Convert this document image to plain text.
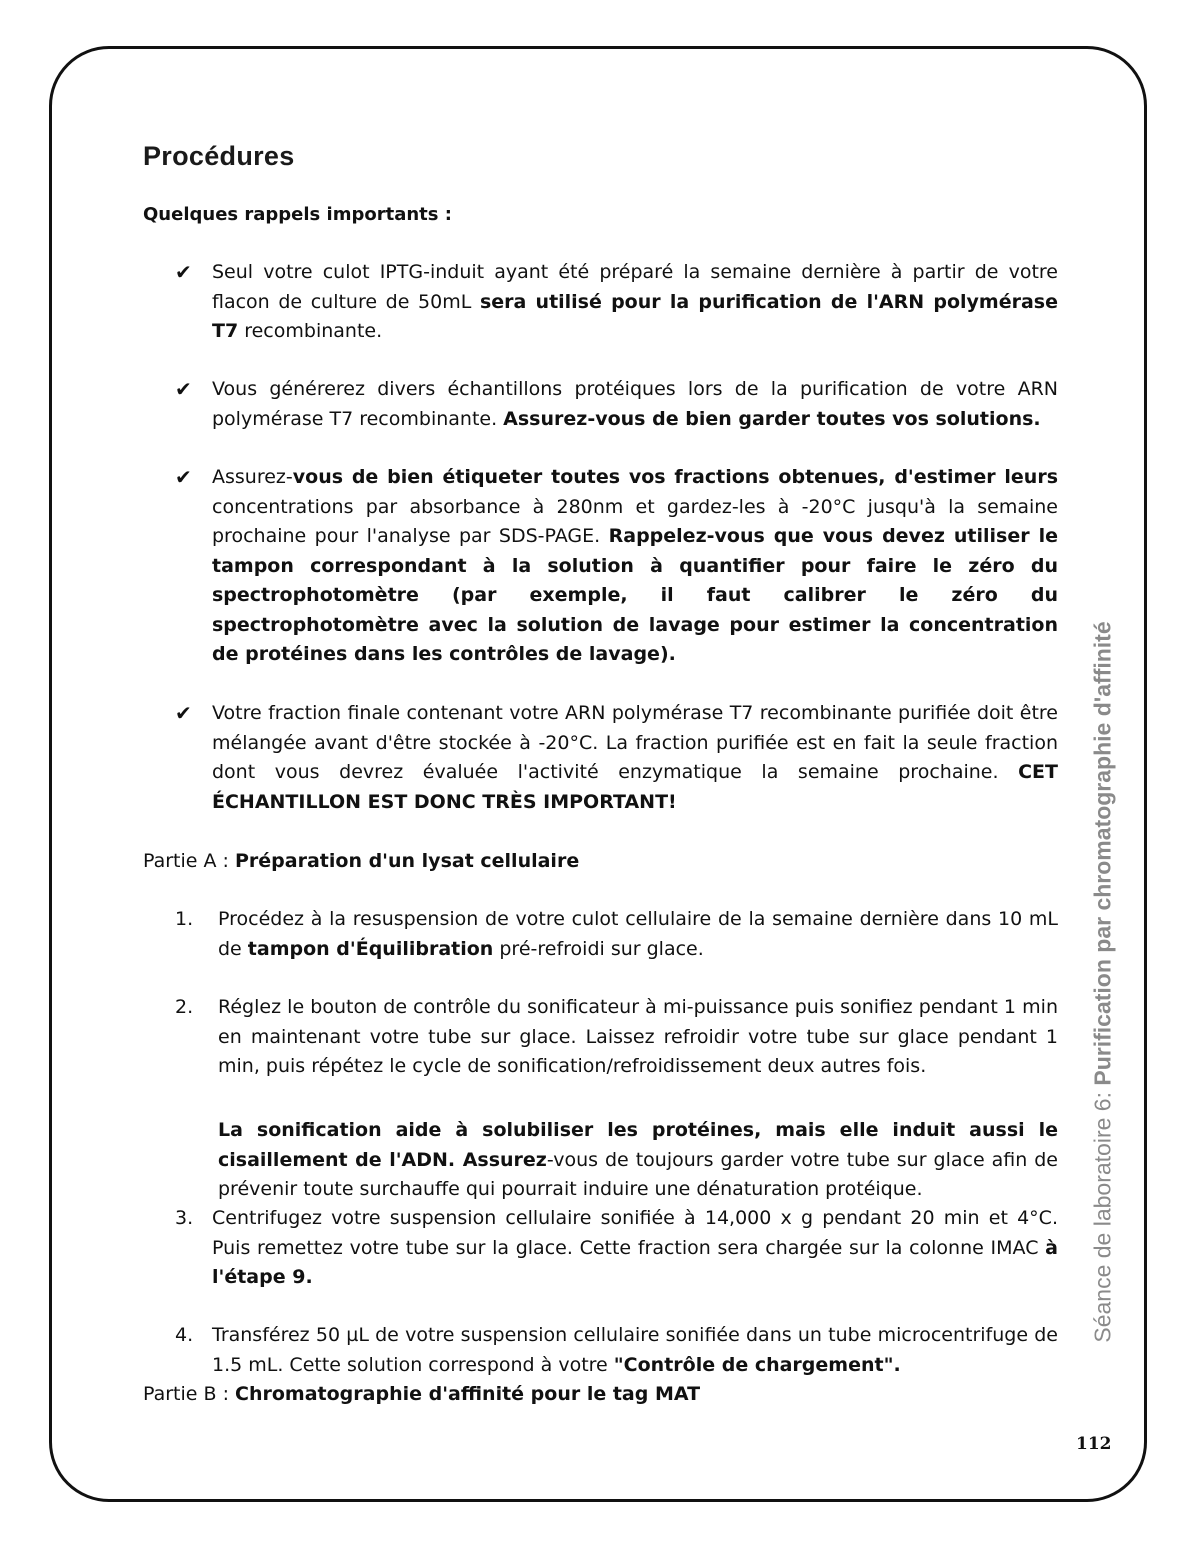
Procédures
Quelques rappels importants :
✔ Seul votre culot IPTG-induit ayant été préparé la semaine dernière à partir de votre flacon de culture de 50mL sera utilisé pour la purification de l'ARN polymérase T7 recombinante.

✔ Vous générerez divers échantillons protéiques lors de la purification de votre ARN polymérase T7 recombinante. Assurez-vous de bien garder toutes vos solutions.

✔ Assurez-vous de bien étiqueter toutes vos fractions obtenues, d'estimer leurs concentrations par absorbance à 280nm et gardez-les à -20°C jusqu'à la semaine prochaine pour l'analyse par SDS-PAGE. Rappelez-vous que vous devez utiliser le tampon correspondant à la solution à quantifier pour faire le zéro du spectrophotomètre (par exemple, il faut calibrer le zéro du spectrophotomètre avec la solution de lavage pour estimer la concentration de protéines dans les contrôles de lavage).

✔ Votre fraction finale contenant votre ARN polymérase T7 recombinante purifiée doit être mélangée avant d'être stockée à -20°C. La fraction purifiée est en fait la seule fraction dont vous devrez évaluée l'activité enzymatique la semaine prochaine. CET ÉCHANTILLON EST DONC TRÈS IMPORTANT!

Partie A : Préparation d'un lysat cellulaire

1. Procédez à la resuspension de votre culot cellulaire de la semaine dernière dans 10 mL de tampon d'Équilibration pré-refroidi sur glace.

2. Réglez le bouton de contrôle du sonificateur à mi-puissance puis sonifiez pendant 1 min en maintenant votre tube sur glace. Laissez refroidir votre tube sur glace pendant 1 min, puis répétez le cycle de sonification/refroidissement deux autres fois.

La sonification aide à solubiliser les protéines, mais elle induit aussi le cisaillement de l'ADN. Assurez-vous de toujours garder votre tube sur glace afin de prévenir toute surchauffe qui pourrait induire une dénaturation protéique.

3. Centrifugez votre suspension cellulaire sonifiée à 14,000 x g pendant 20 min et 4°C. Puis remettez votre tube sur la glace. Cette fraction sera chargée sur la colonne IMAC à l'étape 9.

4. Transférez 50 µL de votre suspension cellulaire sonifiée dans un tube microcentrifuge de 1.5 mL. Cette solution correspond à votre "Contrôle de chargement".

Partie B : Chromatographie d'affinité pour le tag MAT

Séance de laboratoire 6: Purification par chromatographie d'affinité
112
